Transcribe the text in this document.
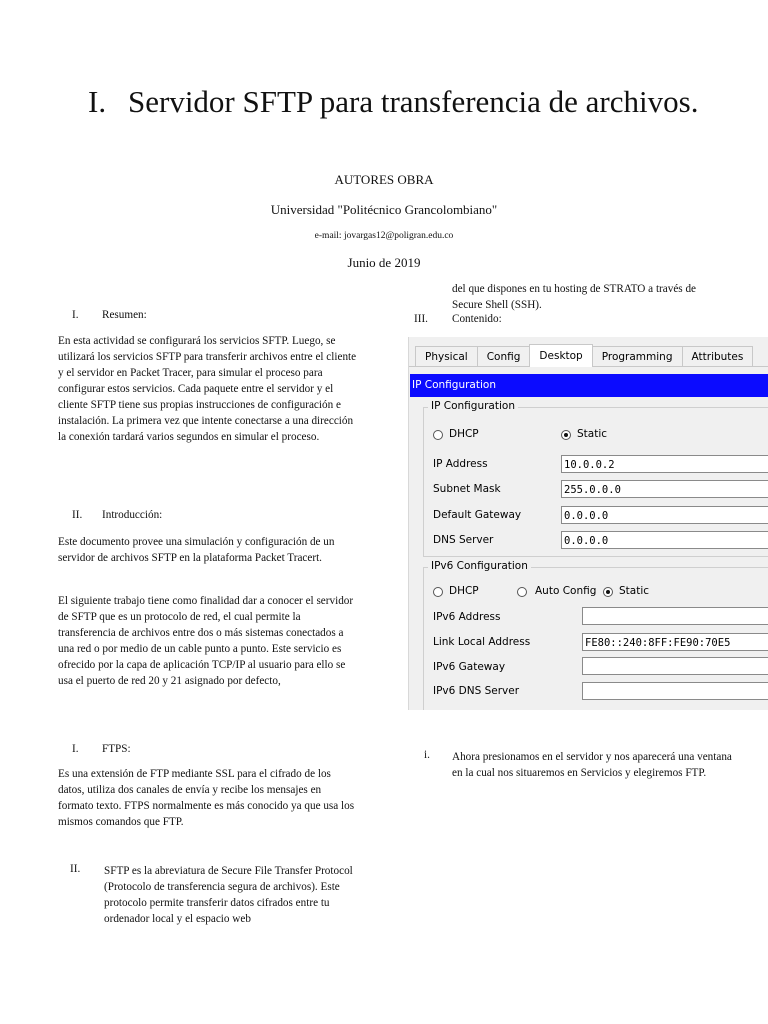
I. Servidor SFTP para transferencia de archivos.
AUTORES OBRA
Universidad "Politécnico Grancolombiano"
e-mail: jovargas12@poligran.edu.co
Junio de 2019
I. Resumen:

En esta actividad se configurará los servicios SFTP. Luego, se utilizará los servicios SFTP para transferir archivos entre el cliente y el servidor en Packet Tracer, para simular el proceso para configurar estos servicios. Cada paquete entre el servidor y el cliente SFTP tiene sus propias instrucciones de configuración e instalación. La primera vez que intente conectarse a una dirección la conexión tardará varios segundos en simular el proceso.

II. Introducción:

Este documento provee una simulación y configuración de un servidor de archivos SFTP en la plataforma Packet Tracert.

El siguiente trabajo tiene como finalidad dar a conocer el servidor de SFTP que es un protocolo de red, el cual permite la transferencia de archivos entre dos o más sistemas conectados a una red o por medio de un cable punto a punto. Este servicio es ofrecido por la capa de aplicación TCP/IP al usuario para ello se usa el puerto de red 20 y 21 asignado por defecto,

I. FTPS:

Es una extensión de FTP mediante SSL para el cifrado de los datos, utiliza dos canales de envía y recibe los mensajes en formato texto. FTPS normalmente es más conocido ya que usa los mismos comandos que FTP.

II. SFTP es la abreviatura de Secure File Transfer Protocol (Protocolo de transferencia segura de archivos). Este protocolo permite transferir datos cifrados entre tu ordenador local y el espacio web

del que dispones en tu hosting de STRATO a través de Secure Shell (SSH).

III. Contenido:
Physical	Config	Desktop	Programming	Attributes
IP Configuration
IP Configuration
DHCP	Static
IP Address	10.0.0.2
Subnet Mask	255.0.0.0
Default Gateway	0.0.0.0
DNS Server	0.0.0.0
IPv6 Configuration
DHCP	Auto Config Static
IPv6 Address
Link Local Address	FE80::240:8FF:FE90:70E5
IPv6 Gateway
IPv6 DNS Server
i. Ahora presionamos en el servidor y nos aparecerá una ventana en la cual nos situaremos en Servicios y elegiremos FTP.
